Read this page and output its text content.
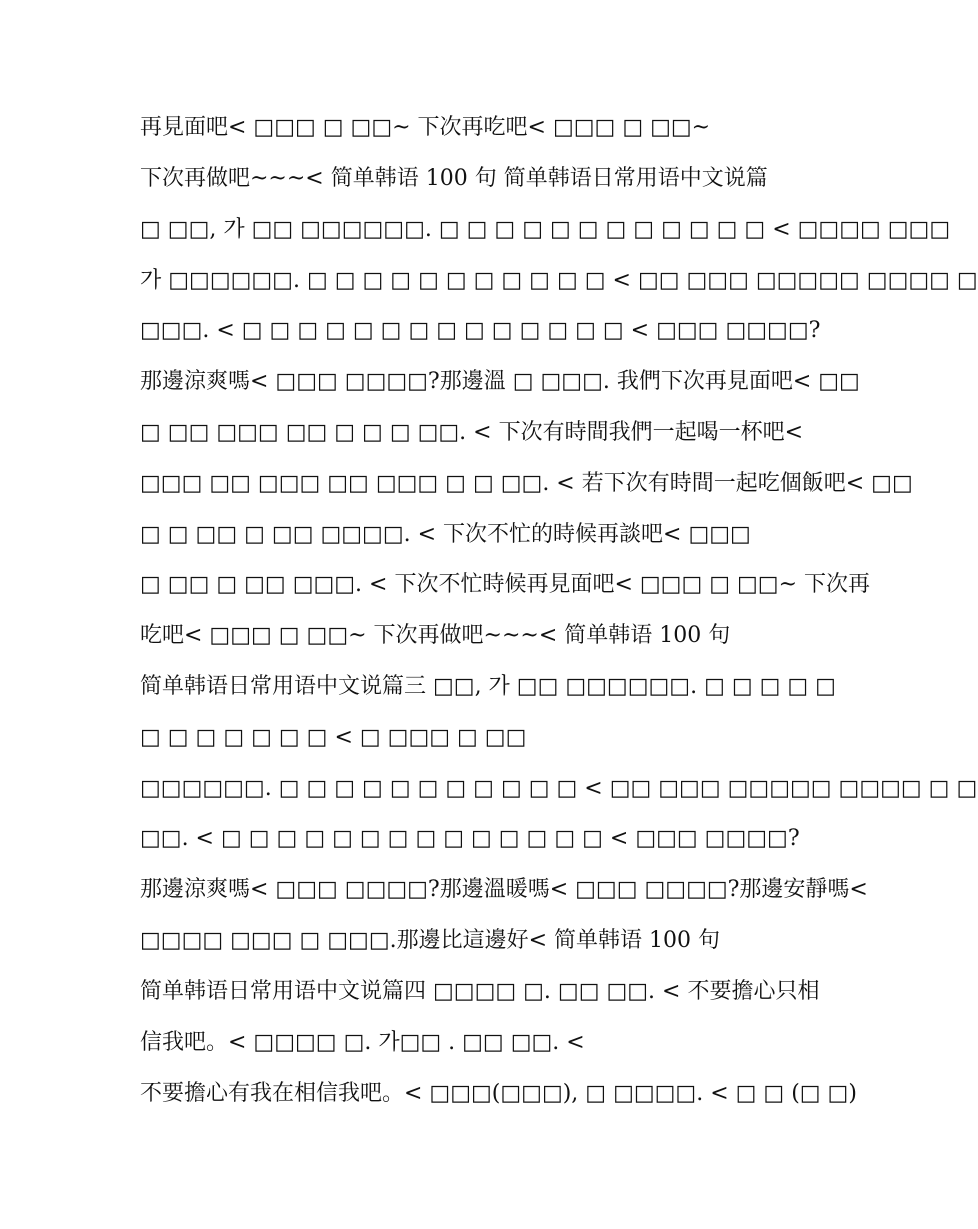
再見面吧< □□□ □ □□~ 下次再吃吧< □□□ □ □□~
下次再做吧~~~< 简单韩语 100 句 简单韩语日常用语中文说篇
□ □□, 가 □□ □□□□□□. □ □ □ □ □ □ □ □ □ □ □ □ < □□□□ □□□
가 □□□□□□. □ □ □ □ □ □ □ □ □ □ □ < □□ □□□ □□□□□ □□□□ □
□□□. < □ □ □ □ □ □ □ □ □ □ □ □ □ □ < □□□ □□□□?
那邊涼爽嗎< □□□ □□□□?那邊溫 □ □□□. 我們下次再見面吧< □□
□ □□ □□□ □□ □ □ □ □□. < 下次有時間我們一起喝一杯吧<
□□□ □□ □□□ □□ □□□ □ □ □□. < 若下次有時間一起吃個飯吧< □□
□ □ □□ □ □□ □□□□. < 下次不忙的時候再談吧< □□□
□ □□ □ □□ □□□. < 下次不忙時候再見面吧< □□□ □ □□~ 下次再
吃吧< □□□ □ □□~ 下次再做吧~~~< 简单韩语 100 句
简单韩语日常用语中文说篇三 □□, 가 □□ □□□□□□. □ □ □ □ □
□ □ □ □ □ □ □ < □ □□□ □ □□
□□□□□□. □ □ □ □ □ □ □ □ □ □ □ < □□ □□□ □□□□□ □□□□ □ □
□□. < □ □ □ □ □ □ □ □ □ □ □ □ □ □ < □□□ □□□□?
那邊涼爽嗎< □□□ □□□□?那邊溫暖嗎< □□□ □□□□?那邊安靜嗎<
□□□□ □□□ □ □□□.那邊比這邊好< 简单韩语 100 句
简单韩语日常用语中文说篇四 □□□□ □. □□ □□. < 不要擔心只相
信我吧。< □□□□ □. 가□□ . □□ □□. <
不要擔心有我在相信我吧。< □□□(□□□), □ □□□□. < □ □ (□ □)
